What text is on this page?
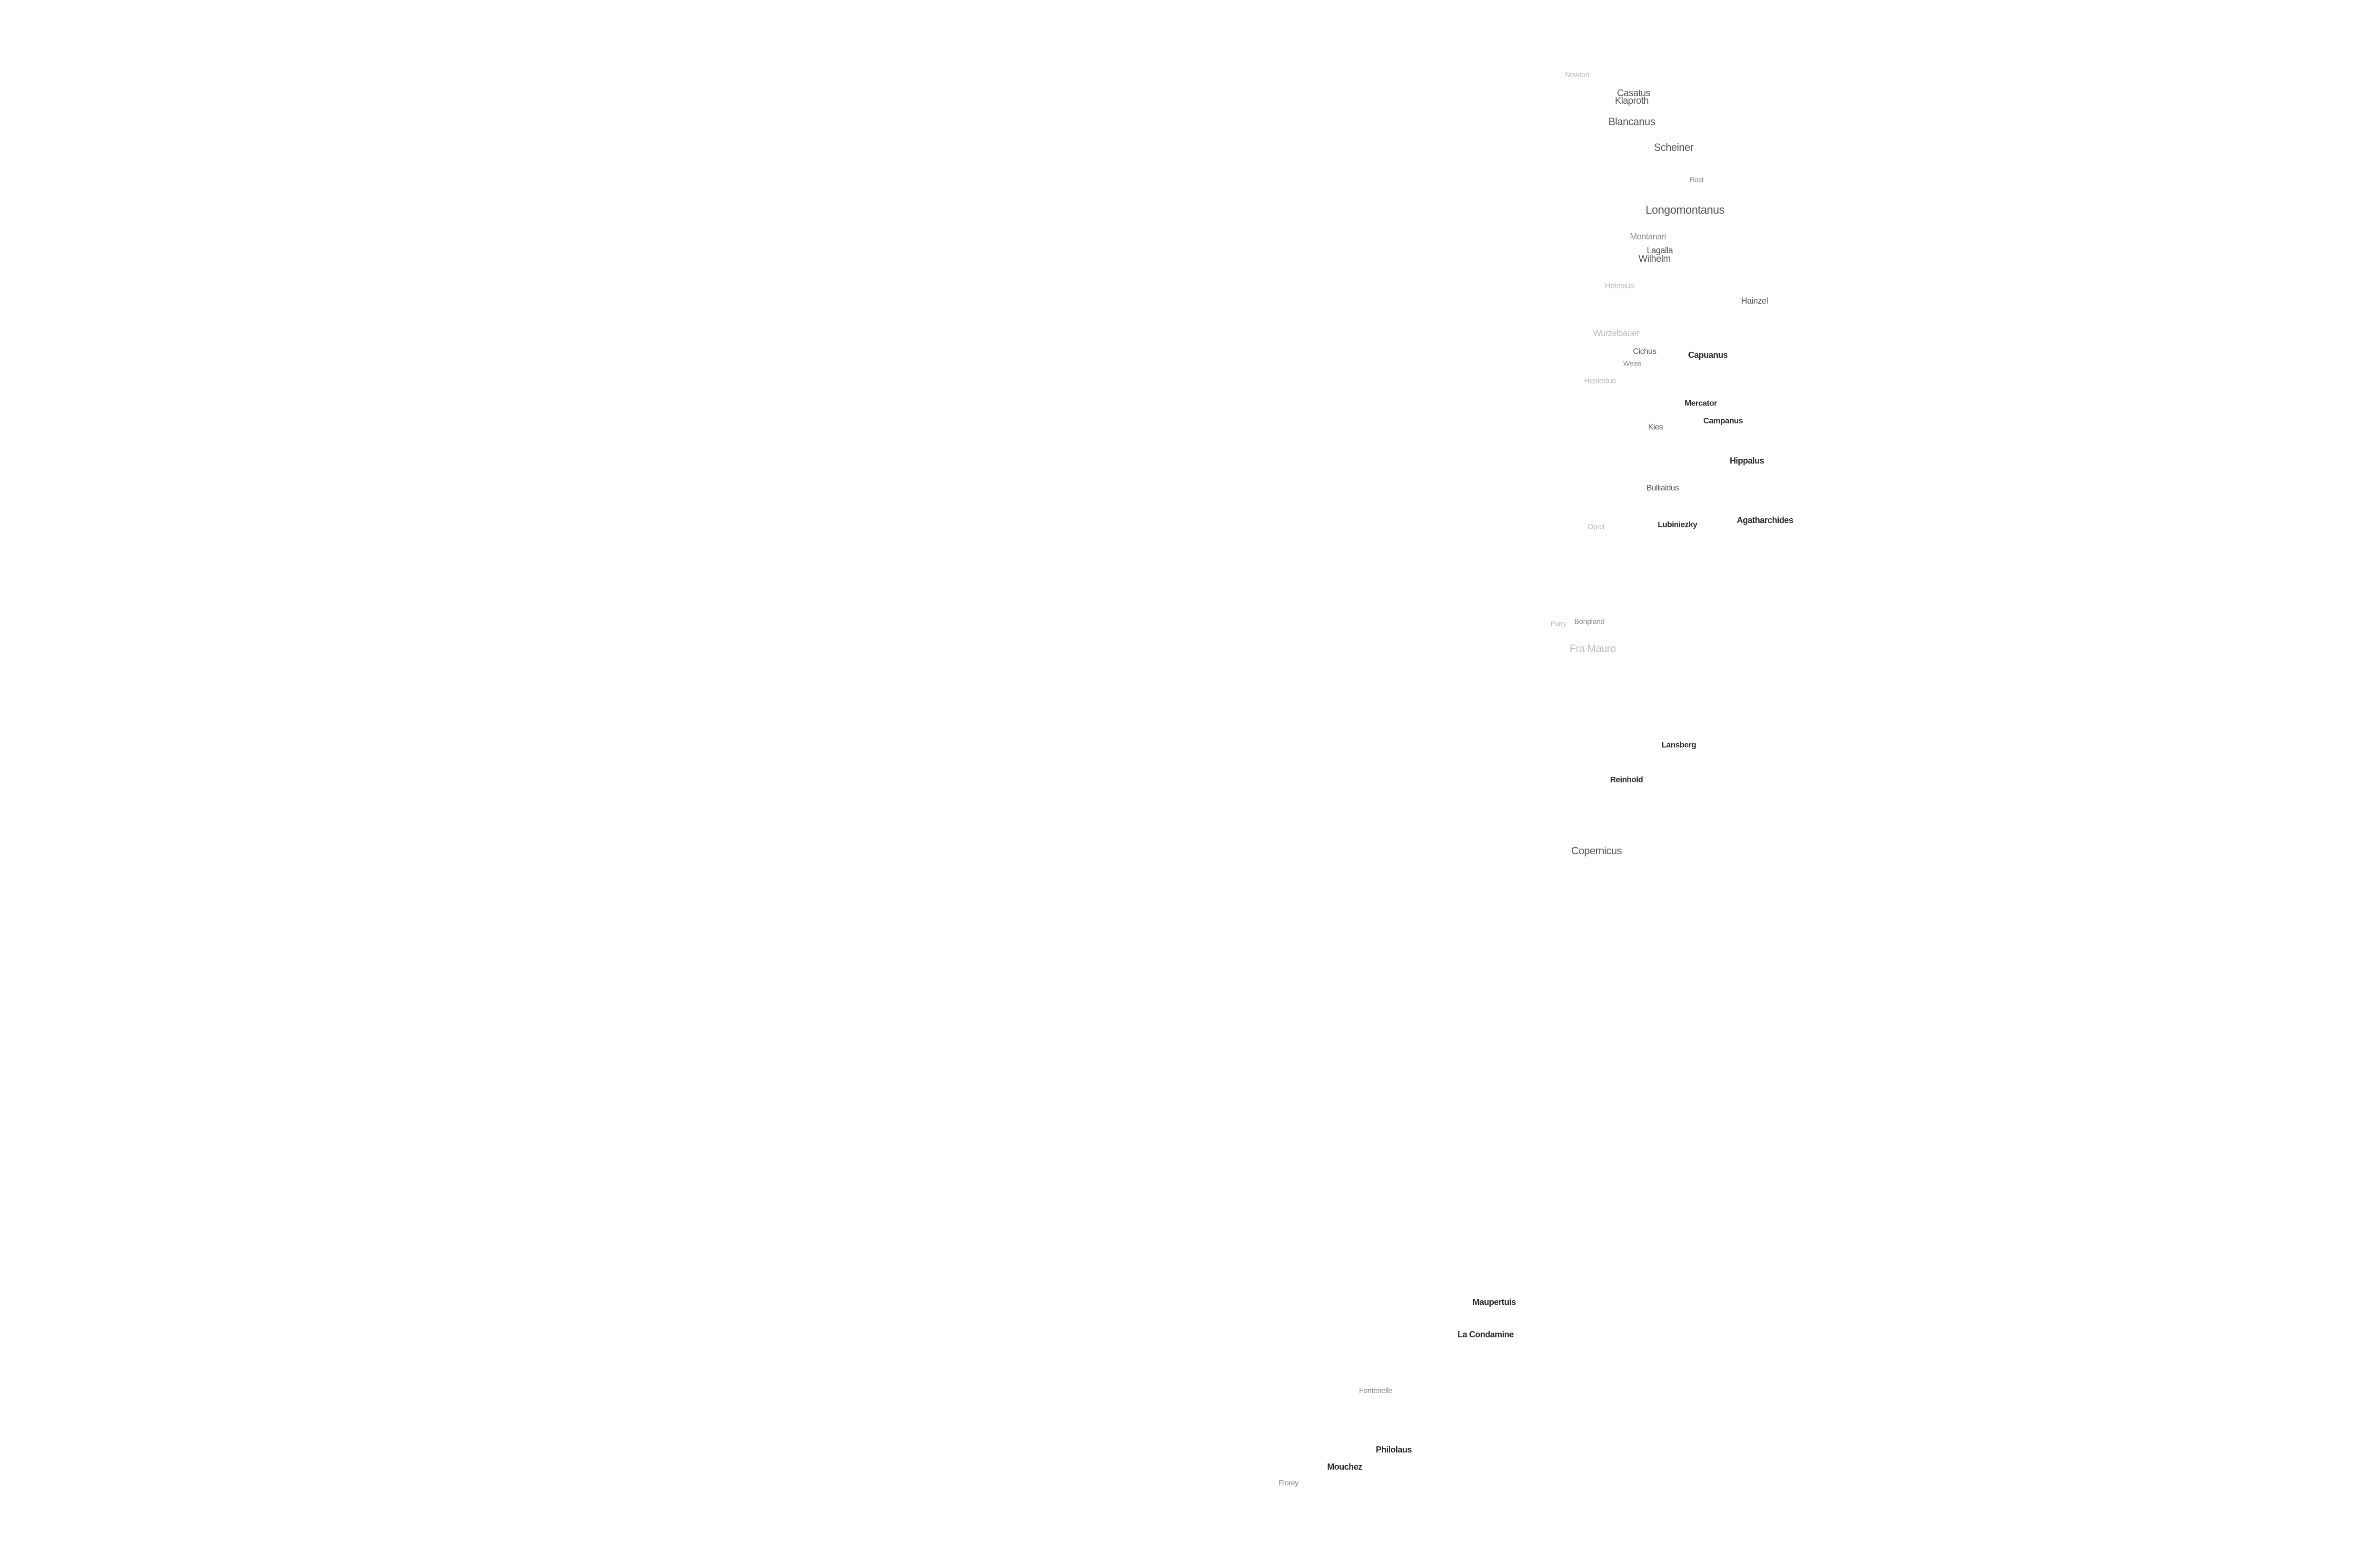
Newton
Casatus
Klaproth
Blancanus
Scheiner
Rost
Longomontanus
Montanari
Lagalla
Wilhelm
Heinsius
Hainzel
Wurzelbauer
Cichus	Capuanus
Weiss
Hesiodus
Mercator
Campanus
Kies
Hippalus
Bullialdus
Opelt	Lubiniezky	Agatharchides
Parry Bonpland
Fra Mauro
Lansberg
Reinhold
Copernicus
Maupertuis
La Condamine
Fontenelle
Philolaus
Mouchez
Florey
